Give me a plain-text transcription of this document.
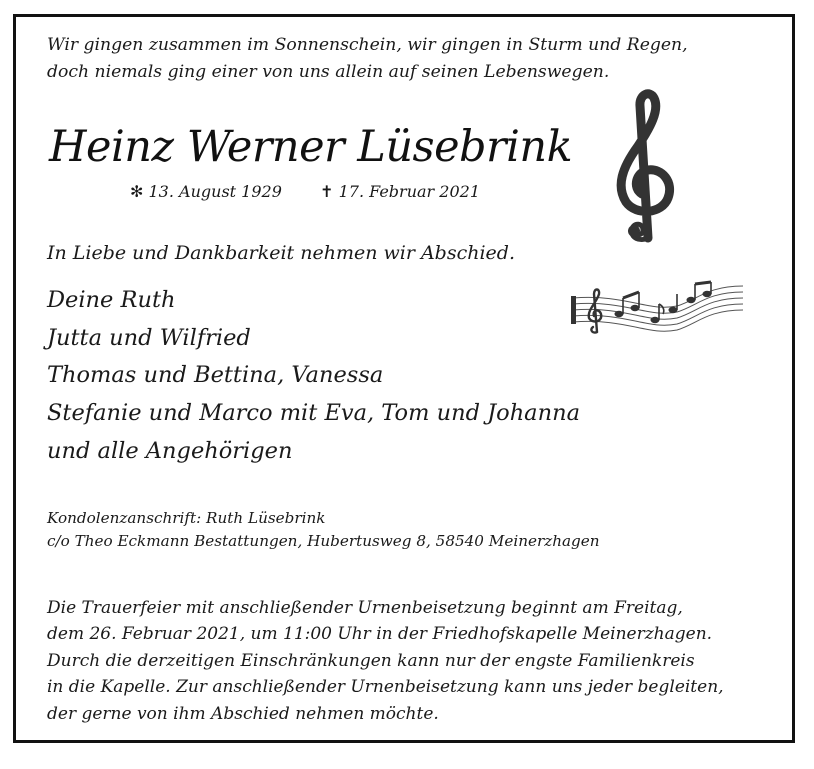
Wir gingen zusammen im Sonnenschein, wir gingen in Sturm und Regen,
doch niemals ging einer von uns allein auf seinen Lebenswegen.
Heinz Werner Lüsebrink
✻ 13. August 1929 ✝ 17. Februar 2021
In Liebe und Dankbarkeit nehmen wir Abschied.
Deine Ruth
Jutta und Wilfried
Thomas und Bettina, Vanessa
Stefanie und Marco mit Eva, Tom und Johanna
und alle Angehörigen
Kondolenzanschrift: Ruth Lüsebrink
c/o Theo Eckmann Bestattungen, Hubertusweg 8, 58540 Meinerzhagen
Die Trauerfeier mit anschließender Urnenbeisetzung beginnt am Freitag,
dem 26. Februar 2021, um 11:00 Uhr in der Friedhofskapelle Meinerzhagen.
Durch die derzeitigen Einschränkungen kann nur der engste Familienkreis
in die Kapelle. Zur anschließender Urnenbeisetzung kann uns jeder begleiten,
der gerne von ihm Abschied nehmen möchte.
